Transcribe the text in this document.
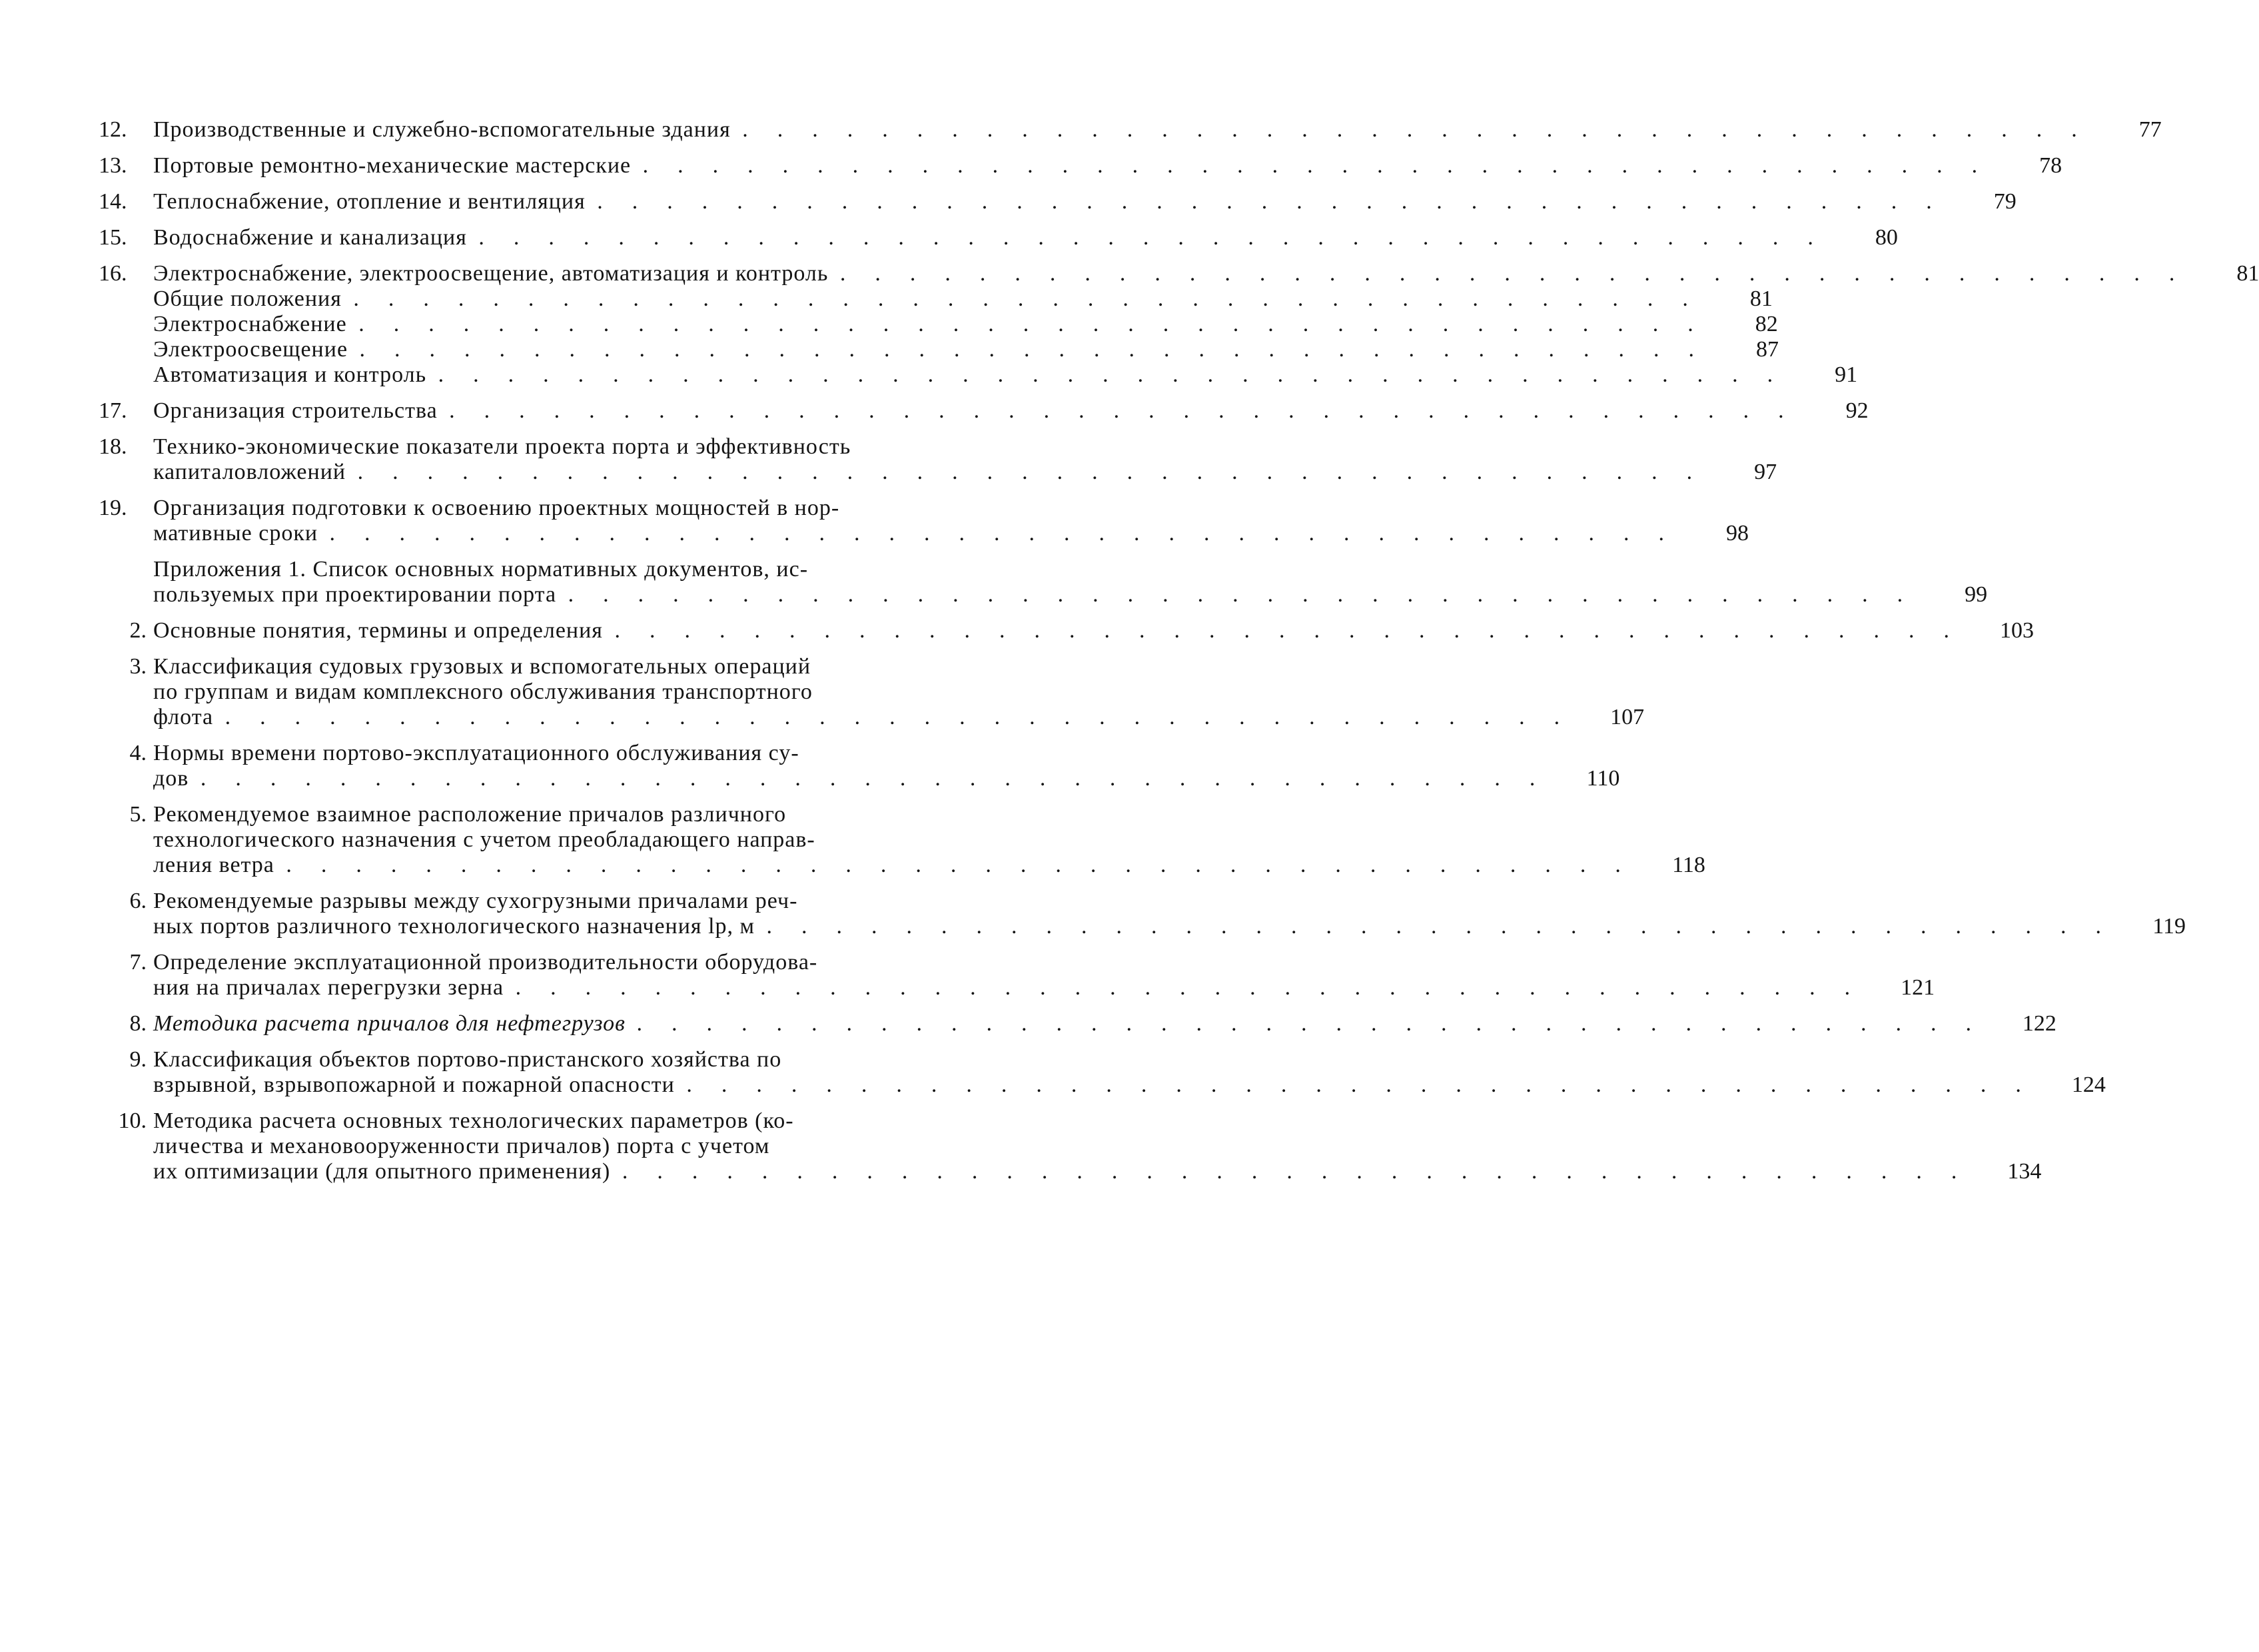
12.	Производственные и служебно-вспомогательные здания . .	77
13.	Портовые ремонтно-механические мастерские . .	78
14.	Теплоснабжение, отопление и вентиляция . .	79
15.	Водоснабжение и канализация . .	80
16.	Электроснабжение, электроосвещение, автоматизация и контроль . .	81
Общие положения . .	81
Электроснабжение . .	82
Электроосвещение . .	87
Автоматизация и контроль . .	91
17.	Организация строительства . .	92
18.	Технико-экономические показатели проекта порта и эффективность
капиталовложений . .	97
19.	Организация подготовки к освоению проектных мощностей в нор-
мативные сроки . .	98
Приложения 1. Список основных нормативных документов, ис-
пользуемых при проектировании порта . .	99
2. Основные понятия, термины и определения . .	103
3. Классификация судовых грузовых и вспомогательных операций
по группам и видам комплексного обслуживания транспортного
флота . .	107
4. Нормы времени портово-эксплуатационного обслуживания су-
дов . .	110
5. Рекомендуемое взаимное расположение причалов различного
технологического назначения с учетом преобладающего направ-
ления ветра . .	118
6. Рекомендуемые разрывы между сухогрузными причалами реч-
ных портов различного технологического назначения lр, м . .	119
7. Определение эксплуатационной производительности оборудова-
ния на причалах перегрузки зерна . .	121
8. Методика расчета причалов для нефтегрузов . .	122
9. Классификация объектов портово-пристанского хозяйства по
взрывной, взрывопожарной и пожарной опасности . .	124
10. Методика расчета основных технологических параметров (ко-
личества и механовооруженности причалов) порта с учетом
их оптимизации (для опытного применения) . .	134
